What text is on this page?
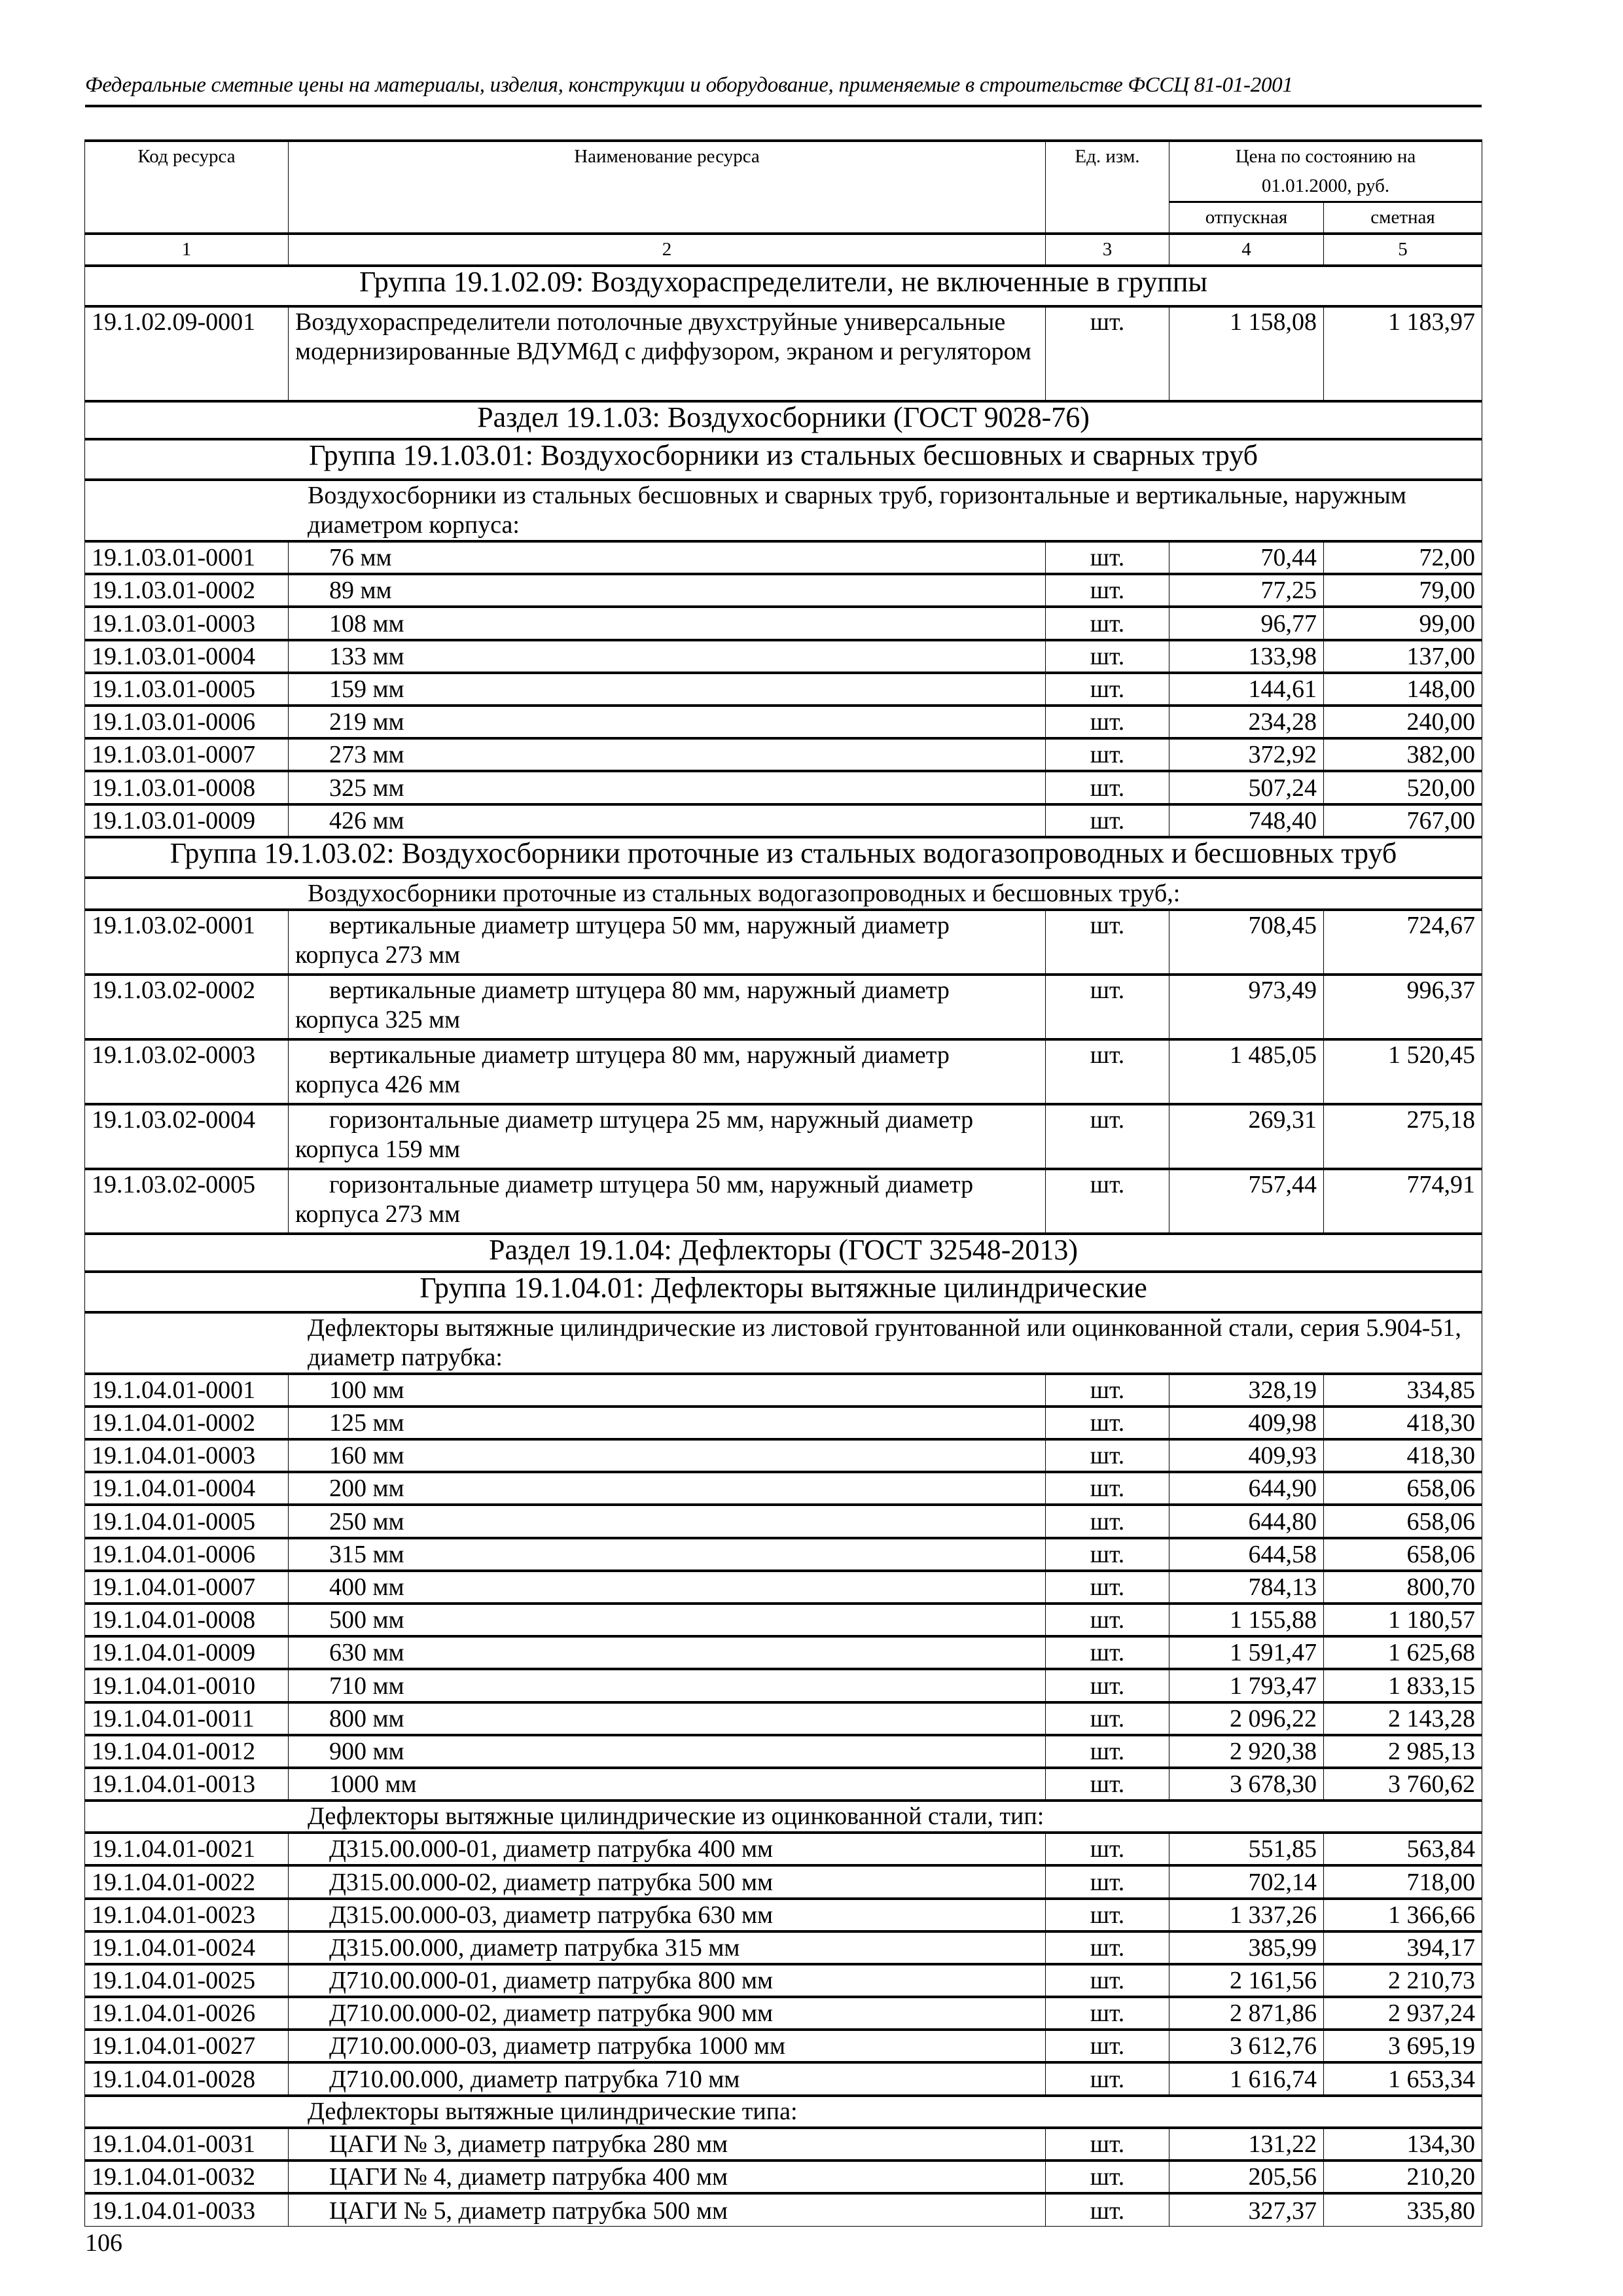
Федеральные сметные цены на материалы, изделия, конструкции и оборудование, применяемые в строительстве ФССЦ 81-01-2001
Код ресурса	Наименование ресурса	Ед. изм.	Цена по состоянию на 01.01.2000, руб.	
			отпускная	сметная
1	2	3	4	5
Группа 19.1.02.09: Воздухораспределители, не включенные в группы				
19.1.02.09-0001	Воздухораспределители потолочные двухструйные универсальные модернизированные ВДУМ6Д с диффузором, экраном и регулятором	шт.	1 158,08	1 183,97
Раздел 19.1.03: Воздухосборники (ГОСТ 9028-76)				
Группа 19.1.03.01: Воздухосборники из стальных бесшовных и сварных труб				
Воздухосборники из стальных бесшовных и сварных труб, горизонтальные и вертикальные, наружным диаметром корпуса:				
19.1.03.01-0001	76 мм	шт.	70,44	72,00
19.1.03.01-0002	89 мм	шт.	77,25	79,00
19.1.03.01-0003	108 мм	шт.	96,77	99,00
19.1.03.01-0004	133 мм	шт.	133,98	137,00
19.1.03.01-0005	159 мм	шт.	144,61	148,00
19.1.03.01-0006	219 мм	шт.	234,28	240,00
19.1.03.01-0007	273 мм	шт.	372,92	382,00
19.1.03.01-0008	325 мм	шт.	507,24	520,00
19.1.03.01-0009	426 мм	шт.	748,40	767,00
Группа 19.1.03.02: Воздухосборники проточные из стальных водогазопроводных и бесшовных труб				
Воздухосборники проточные из стальных водогазопроводных и бесшовных труб,:				
19.1.03.02-0001	вертикальные диаметр штуцера 50 мм, наружный диаметр корпуса 273 мм	шт.	708,45	724,67
19.1.03.02-0002	вертикальные диаметр штуцера 80 мм, наружный диаметр корпуса 325 мм	шт.	973,49	996,37
19.1.03.02-0003	вертикальные диаметр штуцера 80 мм, наружный диаметр корпуса 426 мм	шт.	1 485,05	1 520,45
19.1.03.02-0004	горизонтальные диаметр штуцера 25 мм, наружный диаметр корпуса 159 мм	шт.	269,31	275,18
19.1.03.02-0005	горизонтальные диаметр штуцера 50 мм, наружный диаметр корпуса 273 мм	шт.	757,44	774,91
Раздел 19.1.04: Дефлекторы (ГОСТ 32548-2013)				
Группа 19.1.04.01: Дефлекторы вытяжные цилиндрические				
Дефлекторы вытяжные цилиндрические из листовой грунтованной или оцинкованной стали, серия 5.904-51, диаметр патрубка:				
19.1.04.01-0001	100 мм	шт.	328,19	334,85
19.1.04.01-0002	125 мм	шт.	409,98	418,30
19.1.04.01-0003	160 мм	шт.	409,93	418,30
19.1.04.01-0004	200 мм	шт.	644,90	658,06
19.1.04.01-0005	250 мм	шт.	644,80	658,06
19.1.04.01-0006	315 мм	шт.	644,58	658,06
19.1.04.01-0007	400 мм	шт.	784,13	800,70
19.1.04.01-0008	500 мм	шт.	1 155,88	1 180,57
19.1.04.01-0009	630 мм	шт.	1 591,47	1 625,68
19.1.04.01-0010	710 мм	шт.	1 793,47	1 833,15
19.1.04.01-0011	800 мм	шт.	2 096,22	2 143,28
19.1.04.01-0012	900 мм	шт.	2 920,38	2 985,13
19.1.04.01-0013	1000 мм	шт.	3 678,30	3 760,62
Дефлекторы вытяжные цилиндрические из оцинкованной стали, тип:				
19.1.04.01-0021	Д315.00.000-01, диаметр патрубка 400 мм	шт.	551,85	563,84
19.1.04.01-0022	Д315.00.000-02, диаметр патрубка 500 мм	шт.	702,14	718,00
19.1.04.01-0023	Д315.00.000-03, диаметр патрубка 630 мм	шт.	1 337,26	1 366,66
19.1.04.01-0024	Д315.00.000, диаметр патрубка 315 мм	шт.	385,99	394,17
19.1.04.01-0025	Д710.00.000-01, диаметр патрубка 800 мм	шт.	2 161,56	2 210,73
19.1.04.01-0026	Д710.00.000-02, диаметр патрубка 900 мм	шт.	2 871,86	2 937,24
19.1.04.01-0027	Д710.00.000-03, диаметр патрубка 1000 мм	шт.	3 612,76	3 695,19
19.1.04.01-0028	Д710.00.000, диаметр патрубка 710 мм	шт.	1 616,74	1 653,34
Дефлекторы вытяжные цилиндрические типа:				
19.1.04.01-0031	ЦАГИ № 3, диаметр патрубка 280 мм	шт.	131,22	134,30
19.1.04.01-0032	ЦАГИ № 4, диаметр патрубка 400 мм	шт.	205,56	210,20
19.1.04.01-0033	ЦАГИ № 5, диаметр патрубка 500 мм	шт.	327,37	335,80
106
